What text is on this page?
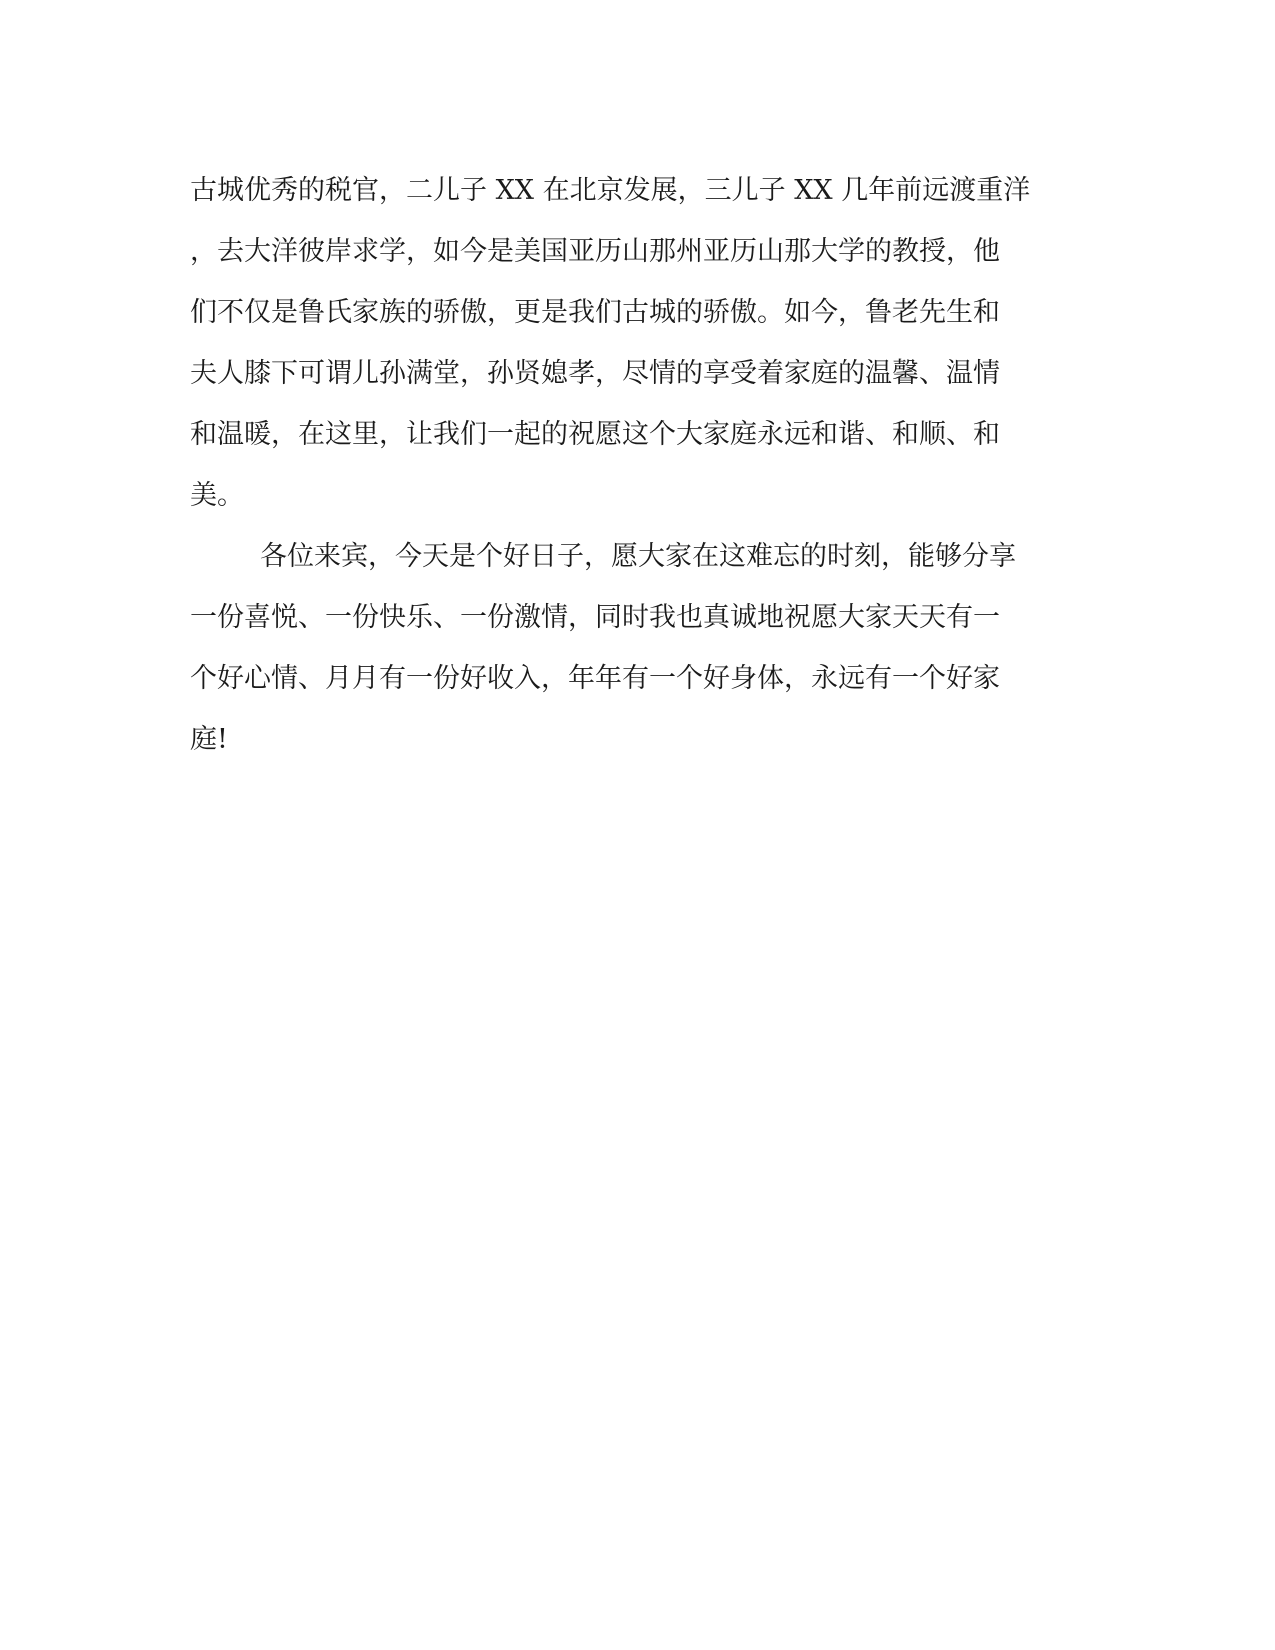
古城优秀的税官，二儿子 XX 在北京发展，三儿子 XX 几年前远渡重洋
，去大洋彼岸求学，如今是美国亚历山那州亚历山那大学的教授，他
们不仅是鲁氏家族的骄傲，更是我们古城的骄傲。如今，鲁老先生和
夫人膝下可谓儿孙满堂，孙贤媳孝，尽情的享受着家庭的温馨、温情
和温暖，在这里，让我们一起的祝愿这个大家庭永远和谐、和顺、和
美。
各位来宾，今天是个好日子，愿大家在这难忘的时刻，能够分享
一份喜悦、一份快乐、一份激情，同时我也真诚地祝愿大家天天有一
个好心情、月月有一份好收入，年年有一个好身体，永远有一个好家
庭!
